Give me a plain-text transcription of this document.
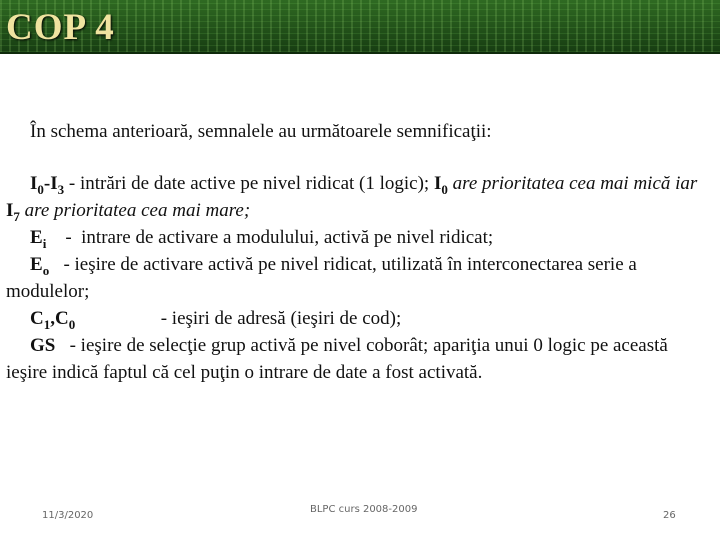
COP 4
În schema anterioară, semnalele au următoarele semnificaţii:
$I_0-I_3$ - intrări de date active pe nivel ridicat (1 logic); $I_0$ are prioritatea cea mai mică iar $I_7$ are prioritatea cea mai mare;
$E_i$    -  intrare de activare a modulului, activă pe nivel ridicat;
$E_o$   - ieşire de activare activă pe nivel ridicat, utilizată în interconectarea serie a modulelor;
$C_1,C_0$                  - ieşiri de adresă (ieşiri de cod);
GS   - ieşire de selecţie grup activă pe nivel coborât; apariţia unui 0 logic pe această ieşire indică faptul că cel puţin o intrare de date a fost activată.
11/3/2020
BLPC curs 2008-2009
26
